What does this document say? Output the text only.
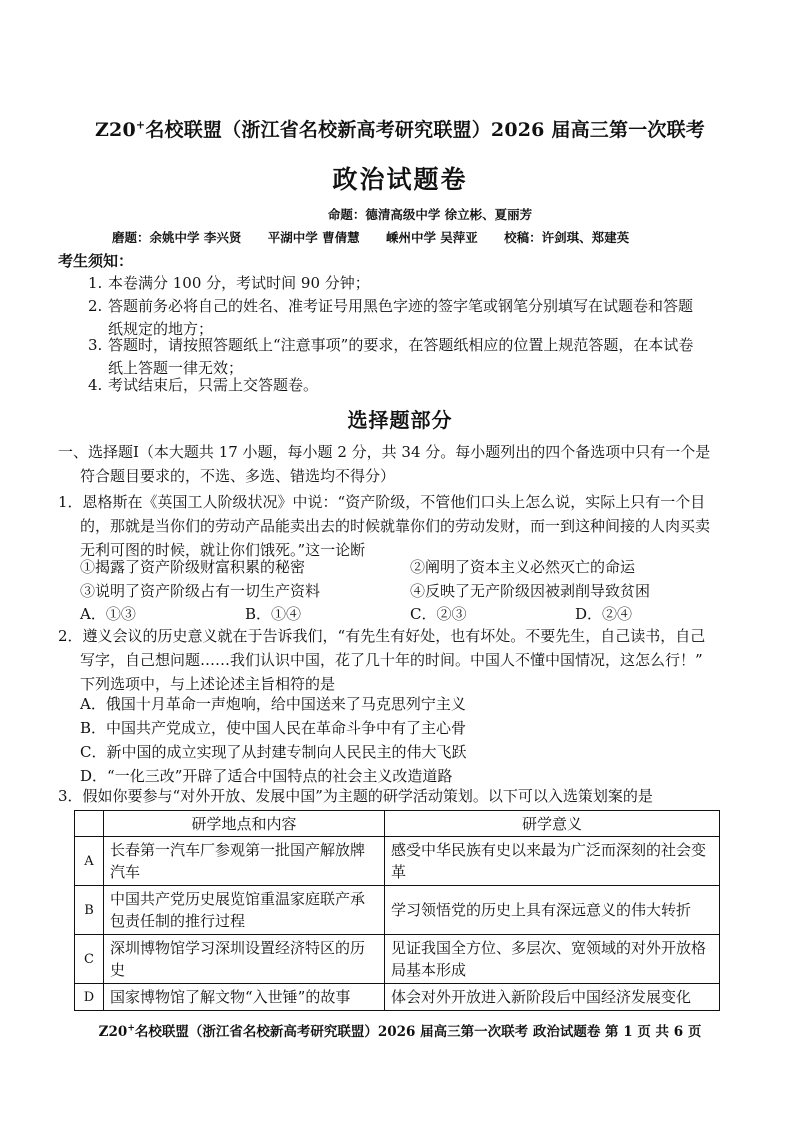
Z20+名校联盟（浙江省名校新高考研究联盟）2026 届高三第一次联考
政治试题卷
命题：德清高级中学 徐立彬、夏丽芳
磨题：余姚中学 李兴贤 平湖中学 曹倩慧 嵊州中学 吴萍亚 校稿：许剑琪、郑建英
考生须知：
1. 本卷满分 100 分，考试时间 90 分钟；
2. 答题前务必将自己的姓名、准考证号用黑色字迹的签字笔或钢笔分别填写在试题卷和答题
纸规定的地方；
3. 答题时，请按照答题纸上“注意事项”的要求，在答题纸相应的位置上规范答题，在本试卷
纸上答题一律无效；
4. 考试结束后，只需上交答题卷。
选择题部分
一、选择题Ⅰ（本大题共 17 小题，每小题 2 分，共 34 分。每小题列出的四个备选项中只有一个是
符合题目要求的，不选、多选、错选均不得分）
1．恩格斯在《英国工人阶级状况》中说：“资产阶级，不管他们口头上怎么说，实际上只有一个目
的，那就是当你们的劳动产品能卖出去的时候就靠你们的劳动发财，而一到这种间接的人肉买卖
无利可图的时候，就让你们饿死。”这一论断
①揭露了资产阶级财富积累的秘密	②阐明了资本主义必然灭亡的命运
③说明了资产阶级占有一切生产资料	④反映了无产阶级因被剥削导致贫困
A．①③	B．①④	C．②③	D．②④
2．遵义会议的历史意义就在于告诉我们，“有先生有好处，也有坏处。不要先生，自己读书，自己
写字，自己想问题……我们认识中国，花了几十年的时间。中国人不懂中国情况，这怎么行！”
下列选项中，与上述论述主旨相符的是
A．俄国十月革命一声炮响，给中国送来了马克思列宁主义
B．中国共产党成立，使中国人民在革命斗争中有了主心骨
C．新中国的成立实现了从封建专制向人民民主的伟大飞跃
D．“一化三改”开辟了适合中国特点的社会主义改造道路
3．假如你要参与“对外开放、发展中国”为主题的研学活动策划。以下可以入选策划案的是
	研学地点和内容	研学意义
A	长春第一汽车厂参观第一批国产解放牌汽车	感受中华民族有史以来最为广泛而深刻的社会变革
B	中国共产党历史展览馆重温家庭联产承包责任制的推行过程	学习领悟党的历史上具有深远意义的伟大转折
C	深圳博物馆学习深圳设置经济特区的历史	见证我国全方位、多层次、宽领域的对外开放格局基本形成
D	国家博物馆了解文物“入世锤”的故事	体会对外开放进入新阶段后中国经济发展变化
Z20+名校联盟（浙江省名校新高考研究联盟）2026 届高三第一次联考 政治试题卷 第 1 页 共 6 页
